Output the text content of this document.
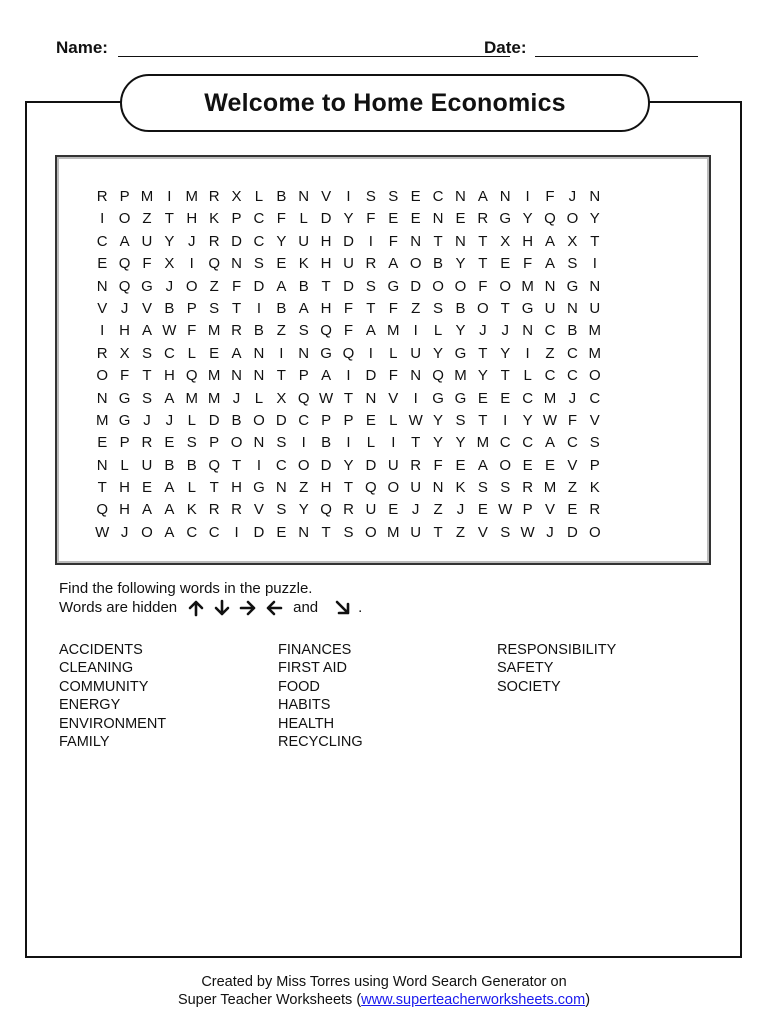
Name:	Date:
Welcome to Home Economics
R P M I M R X L B N V	I	S S E C N A N I	F J N
I O Z T H K P C F L D Y F E E N E R G Y Q O Y
C A U Y J R D C Y U H D I	F N T N T X H A X T
E Q F X	I Q N S E K H U R A O B Y T E F A S	I
N Q G J O Z F D A B T D S G D O O F O M N G N
V J V B P S T	I	B A H F T F Z S B O T G U N U
I H A W F M R B Z S Q F A M I	L Y J J N C B M
R X S C L E A N I N G Q I	L U Y G T Y	I	Z C M
O F T H Q M N N T P A	I D F N Q M Y T L C C O
N G S A M M J L X Q W T N V	I G G E E C M J C
M G J J L D B O D C P P E L W Y S T	I	Y W F V
E P R E S P O N S	I	B	I	L	I	T Y Y M C C A C S
N L U B B Q T	I C O D Y D U R F E A O E E V P
T H E A L T H G N Z H T Q O U N K S S R M Z K
Q H A A K R R V S Y Q R U E J Z J E W P V E R
W J O A C C I D E N T S O M U T Z V S W J D O
Find the following words in the puzzle.
Words are hidden	and	.
ACCIDENTS
CLEANING
COMMUNITY
ENERGY
ENVIRONMENT
FAMILY
FINANCES
FIRST AID
FOOD
HABITS
HEALTH
RECYCLING
RESPONSIBILITY
SAFETY
SOCIETY
Created by Miss Torres using Word Search Generator on
Super Teacher Worksheets (www.superteacherworksheets.com)
